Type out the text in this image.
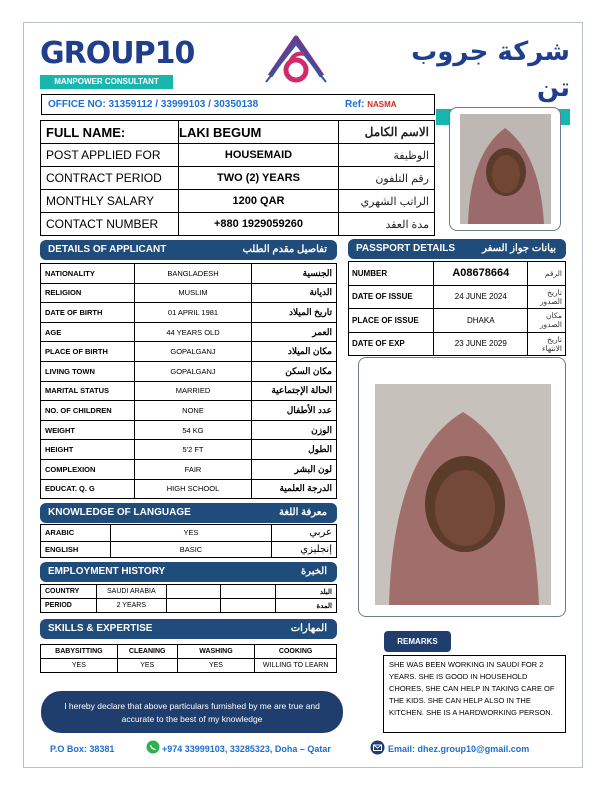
GROUP10
MANPOWER CONSULTANT
شركة جروب تن
OFFICE NO: 31359112 / 33999103 / 30350138	Ref: NASMA
FULL NAME:	LAKI BEGUM	الاسم الكامل
POST APPLIED FOR	HOUSEMAID	الوظيفة
CONTRACT PERIOD	TWO (2) YEARS	رقم التلفون
MONTHLY SALARY	1200 QAR	الراتب الشهري
CONTACT NUMBER	+880 1929059260	مدة العقد
DETAILS OF APPLICANT	تفاصيل مقدم الطلب
NATIONALITY	BANGLADESH	الجنسية
RELIGION	MUSLIM	الديانة
DATE OF BIRTH	01 APRIL 1981	تاريخ الميلاد
AGE	44 YEARS OLD	العمر
PLACE OF BIRTH	GOPALGANJ	مكان الميلاد
LIVING TOWN	GOPALGANJ	مكان السكن
MARITAL STATUS	MARRIED	الحالة الإجتماعية
NO. OF CHILDREN	NONE	عدد الأطفال
WEIGHT	54 KG	الوزن
HEIGHT	5'2 FT	الطول
COMPLEXION	FAIR	لون البشر
EDUCAT. Q. G	HIGH SCHOOL	الدرجة العلمية
PASSPORT DETAILS	بيانات جواز السفر
NUMBER	A08678664	الرقم
DATE OF ISSUE	24 JUNE 2024	تاريخ الصدور
PLACE OF ISSUE	DHAKA	مكان الصدور
DATE OF EXP	23 JUNE 2029	تاريخ الانتهاء
KNOWLEDGE OF LANGUAGE	معرفة اللغة
ARABIC	YES	عربي
ENGLISH	BASIC	إنجليزي
EMPLOYMENT HISTORY	الخبرة
COUNTRY	SAUDI ARABIA			البلد
PERIOD	2 YEARS			المدة
SKILLS & EXPERTISE	المهارات
BABYSITTING	CLEANING	WASHING	COOKING
YES	YES	YES	WILLING TO LEARN
REMARKS
SHE WAS BEEN WORKING IN SAUDI FOR 2 YEARS. SHE IS GOOD IN HOUSEHOLD CHORES, SHE CAN HELP IN TAKING CARE OF THE KIDS. SHE CAN HELP ALSO IN THE KITCHEN. SHE IS A HARDWORKING PERSON.
I hereby declare that above particulars furnished by me are true and accurate to the best of my knowledge
P.O Box: 38381	+974 33999103, 33285323, Doha – Qatar	Email: dhez.group10@gmail.com
